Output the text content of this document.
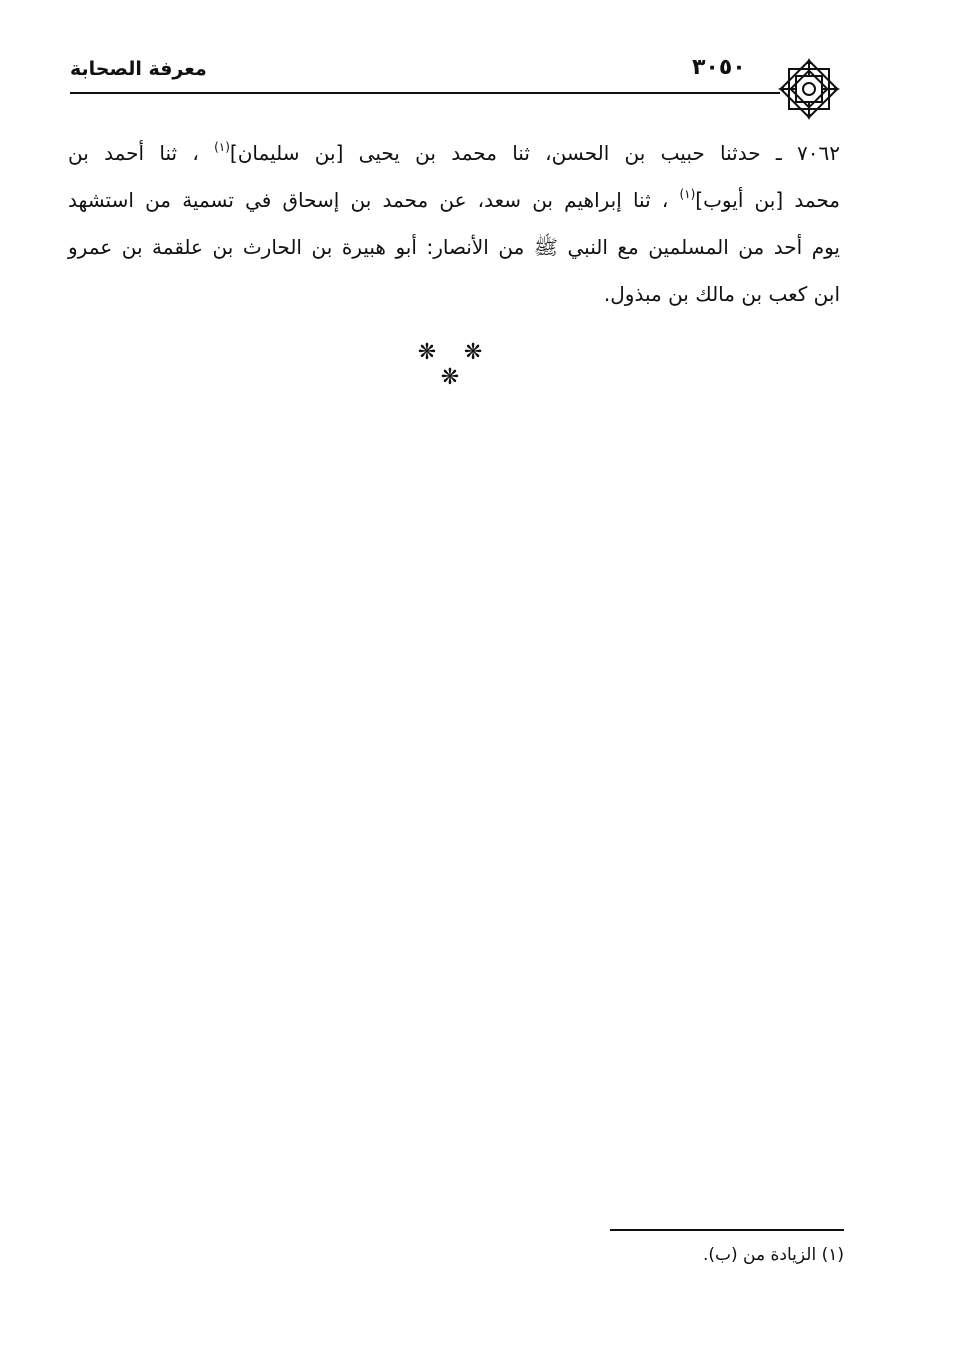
٣٠٥٠
معرفة الصحابة
٧٠٦٢ ـ حدثنا حبيب بن الحسن، ثنا محمد بن يحيى [بن سليمان]$^{(١)}$ ، ثنا أحمد بن
محمد [بن أيوب]$^{(١)}$ ، ثنا إبراهيم بن سعد، عن محمد بن إسحاق في تسمية من استشهد
يوم أحد من المسلمين مع النبي ﷺ من الأنصار: أبو هبيرة بن الحارث بن علقمة بن عمرو
ابن كعب بن مالك بن مبذول.
❋ ❋ ❋
(١) الزيادة من (ب).
